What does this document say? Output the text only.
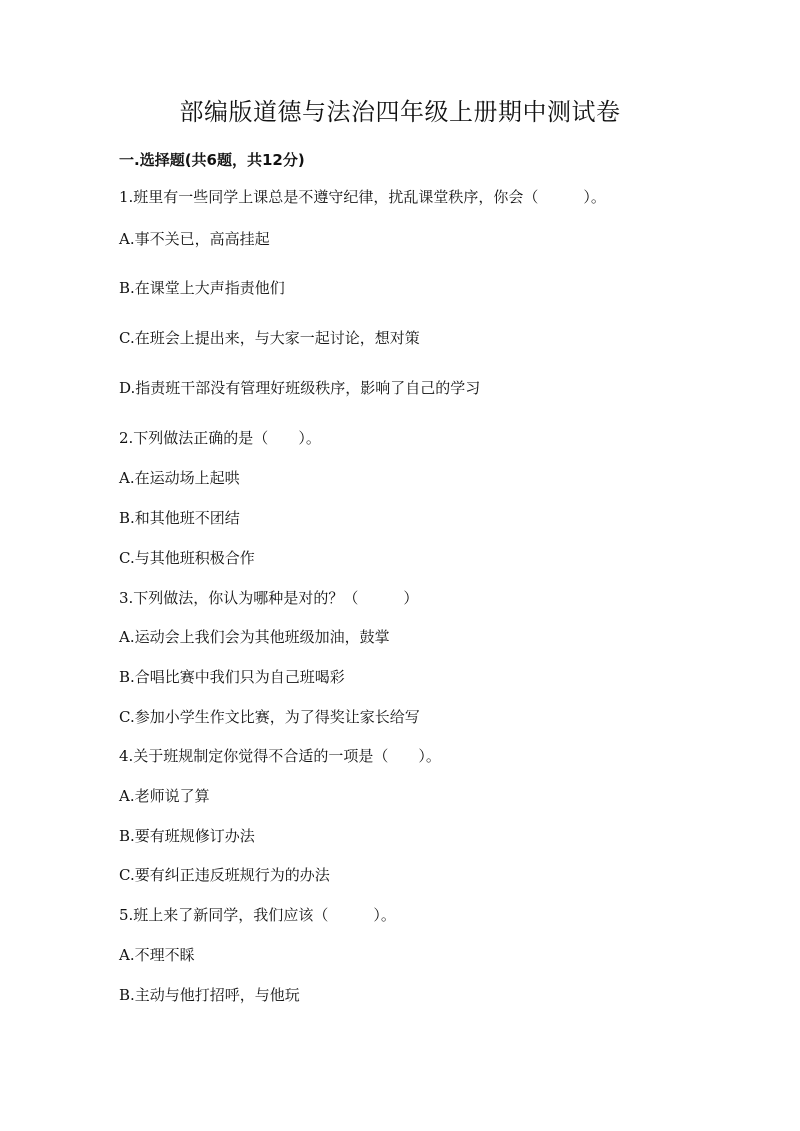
部编版道德与法治四年级上册期中测试卷
一.选择题(共6题，共12分)
1.班里有一些同学上课总是不遵守纪律，扰乱课堂秩序，你会（　　　）。
A.事不关已，高高挂起
B.在课堂上大声指责他们
C.在班会上提出来，与大家一起讨论，想对策
D.指责班干部没有管理好班级秩序，影响了自己的学习
2.下列做法正确的是（　　）。
A.在运动场上起哄
B.和其他班不团结
C.与其他班积极合作
3.下列做法，你认为哪种是对的？（　　　）
A.运动会上我们会为其他班级加油，鼓掌
B.合唱比赛中我们只为自己班喝彩
C.参加小学生作文比赛，为了得奖让家长给写
4.关于班规制定你觉得不合适的一项是（　　）。
A.老师说了算
B.要有班规修订办法
C.要有纠正违反班规行为的办法
5.班上来了新同学，我们应该（　　　）。
A.不理不睬
B.主动与他打招呼，与他玩
